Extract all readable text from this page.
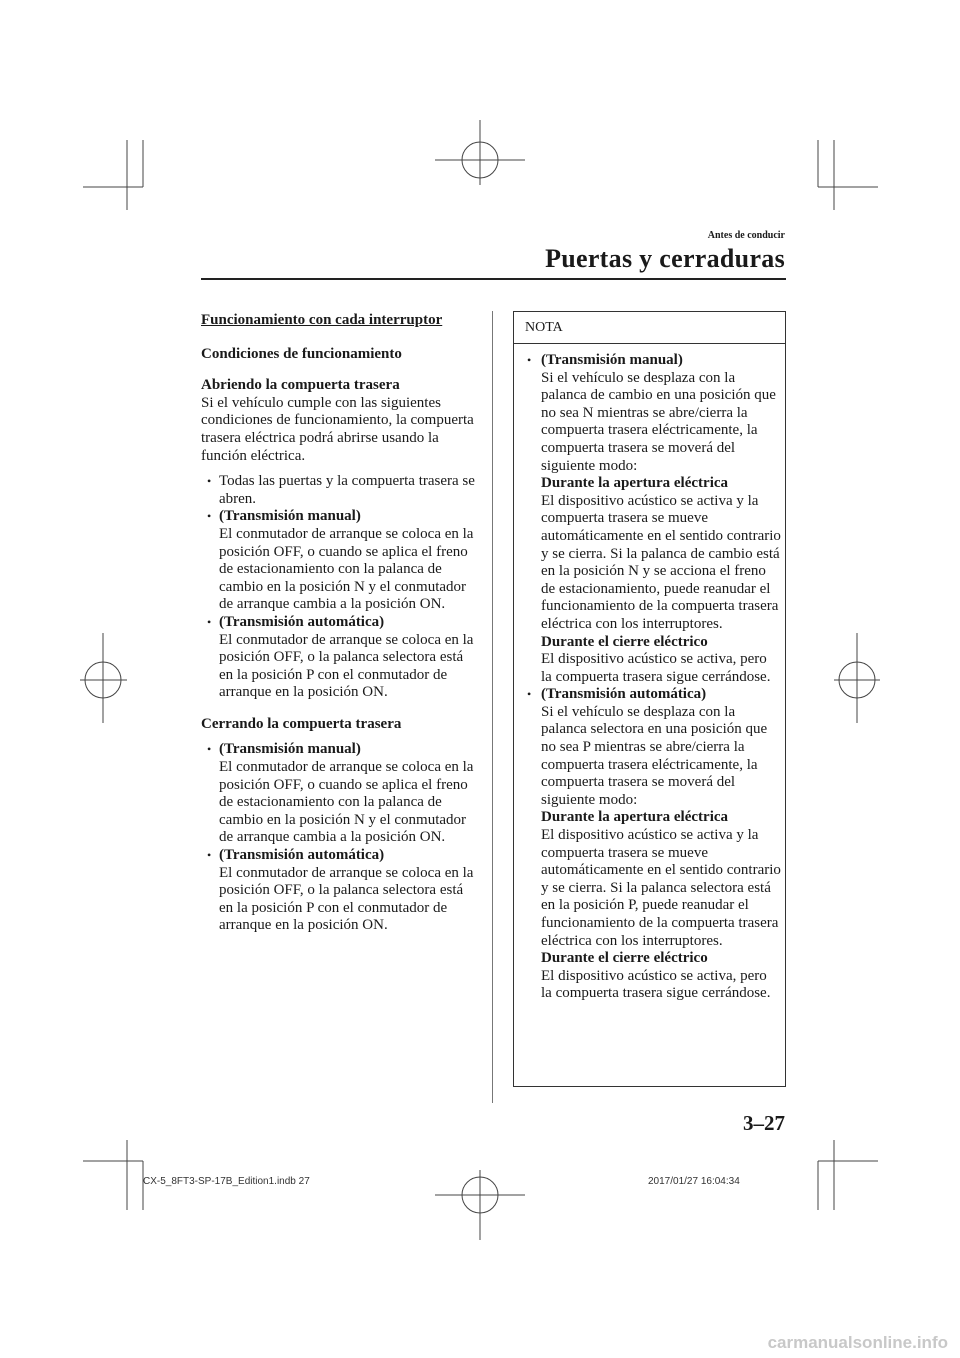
Antes de conducir
Puertas y cerraduras

Funcionamiento con cada interruptor

Condiciones de funcionamiento

Abriendo la compuerta trasera

Si el vehículo cumple con las siguientes condiciones de funcionamiento, la compuerta trasera eléctrica podrá abrirse usando la función eléctrica.

• Todas las puertas y la compuerta trasera se abren.
• (Transmisión manual)
El conmutador de arranque se coloca en la posición OFF, o cuando se aplica el freno de estacionamiento con la palanca de cambio en la posición N y el conmutador de arranque cambia a la posición ON.
• (Transmisión automática)
El conmutador de arranque se coloca en la posición OFF, o la palanca selectora está en la posición P con el conmutador de arranque en la posición ON.

Cerrando la compuerta trasera

• (Transmisión manual)
El conmutador de arranque se coloca en la posición OFF, o cuando se aplica el freno de estacionamiento con la palanca de cambio en la posición N y el conmutador de arranque cambia a la posición ON.
• (Transmisión automática)
El conmutador de arranque se coloca en la posición OFF, o la palanca selectora está en la posición P con el conmutador de arranque en la posición ON.
NOTA
• (Transmisión manual)

Si el vehículo se desplaza con la palanca de cambio en una posición que no sea N mientras se abre/cierra la compuerta trasera eléctricamente, la compuerta trasera se moverá del siguiente modo:

Durante la apertura eléctrica

El dispositivo acústico se activa y la compuerta trasera se mueve automáticamente en el sentido contrario y se cierra. Si la palanca de cambio está en la posición N y se acciona el freno de estacionamiento, puede reanudar el funcionamiento de la compuerta trasera eléctrica con los interruptores.

Durante el cierre eléctrico

El dispositivo acústico se activa, pero la compuerta trasera sigue cerrándose.

• (Transmisión automática)

Si el vehículo se desplaza con la palanca selectora en una posición que no sea P mientras se abre/cierra la compuerta trasera eléctricamente, la compuerta trasera se moverá del siguiente modo:

Durante la apertura eléctrica

El dispositivo acústico se activa y la compuerta trasera se mueve automáticamente en el sentido contrario y se cierra. Si la palanca selectora está en la posición P, puede reanudar el funcionamiento de la compuerta trasera eléctrica con los interruptores.

Durante el cierre eléctrico

El dispositivo acústico se activa, pero la compuerta trasera sigue cerrándose.

3–27
CX-5_8FT3-SP-17B_Edition1.indb 27	2017/01/27 16:04:34
carmanualsonline.info
